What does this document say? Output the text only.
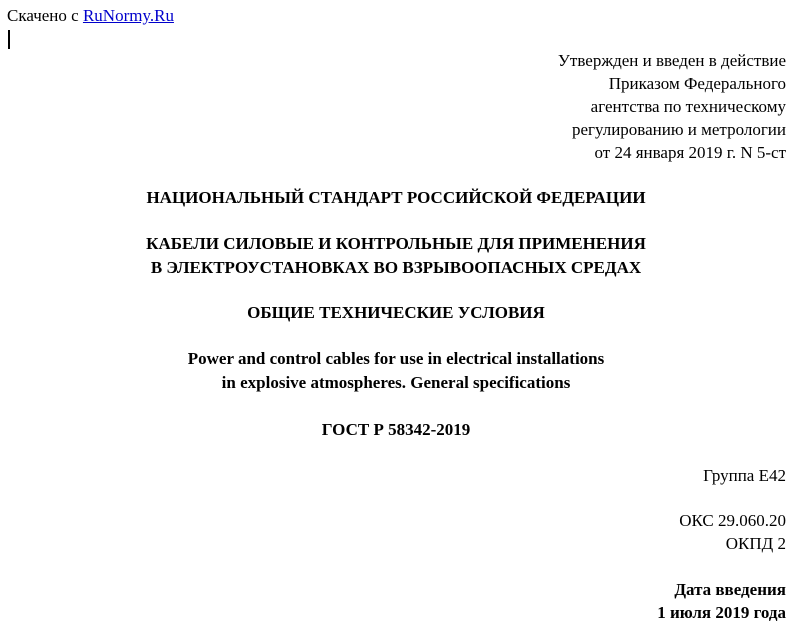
Скачено с RuNormy.Ru
Утвержден и введен в действие
Приказом Федерального
агентства по техническому
регулированию и метрологии
от 24 января 2019 г. N 5-ст
НАЦИОНАЛЬНЫЙ СТАНДАРТ РОССИЙСКОЙ ФЕДЕРАЦИИ
КАБЕЛИ СИЛОВЫЕ И КОНТРОЛЬНЫЕ ДЛЯ ПРИМЕНЕНИЯ
В ЭЛЕКТРОУСТАНОВКАХ ВО ВЗРЫВООПАСНЫХ СРЕДАХ
ОБЩИЕ ТЕХНИЧЕСКИЕ УСЛОВИЯ
Power and control cables for use in electrical installations
in explosive atmospheres. General specifications
ГОСТ Р 58342-2019
Группа E42
ОКС 29.060.20
ОКПД 2
Дата введения
1 июля 2019 года
